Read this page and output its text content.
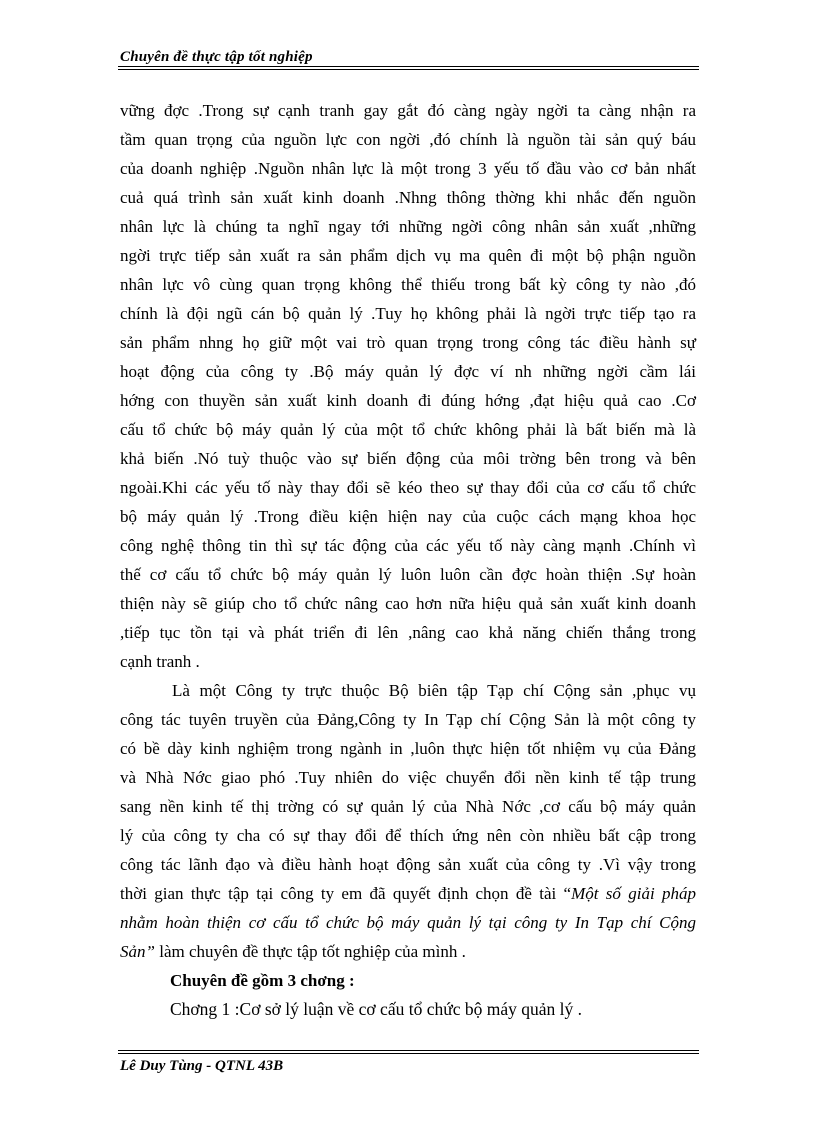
Chuyên đề thực tập tốt nghiệp
vững đợc .Trong sự cạnh tranh gay gắt đó càng ngày ngời ta càng nhận ra
tầm quan trọng của nguồn lực con ngời ,đó chính là nguồn tài sản quý báu
của doanh nghiệp .Nguồn nhân lực là một trong 3 yếu tố đầu vào cơ bản nhất
cuả quá trình sản xuất kinh doanh .Nhng thông thờng khi nhắc đến nguồn
nhân lực là chúng ta nghĩ ngay tới những ngời công nhân sản xuất ,những
ngời trực tiếp sản xuất ra sản phẩm dịch vụ ma quên đi một bộ phận nguồn
nhân lực vô cùng quan trọng không thể thiếu trong bất kỳ công ty nào ,đó
chính là đội ngũ cán bộ quản lý .Tuy họ không phải là ngời trực tiếp tạo ra
sản phẩm nhng họ giữ một vai trò quan trọng trong công tác điều hành sự
hoạt động của công ty .Bộ máy quản lý đợc ví nh những ngời cầm lái
hớng con thuyền sản xuất kinh doanh đi đúng hớng ,đạt hiệu quả cao .Cơ
cấu tổ chức bộ máy quản lý của một tổ chức không phải là bất biến mà là
khả biến .Nó tuỳ thuộc vào sự biến động của môi trờng bên trong và bên
ngoài.Khi các yếu tố này thay đổi sẽ kéo theo sự thay đổi của cơ cấu tổ chức
bộ máy quản lý .Trong điều kiện hiện nay của cuộc cách mạng khoa học
công nghệ thông tin thì sự tác động của các yếu tố này càng mạnh .Chính vì
thế cơ cấu tổ chức bộ máy quản lý luôn luôn cần đợc hoàn thiện .Sự hoàn
thiện này sẽ giúp cho tổ chức nâng cao hơn nữa hiệu quả sản xuất kinh doanh
,tiếp tục tồn tại và phát triển đi lên ,nâng cao khả năng chiến thắng trong
cạnh tranh .
Là một Công ty trực thuộc Bộ biên tập Tạp chí Cộng sản ,phục vụ
công tác tuyên truyền của Đảng,Công ty In Tạp chí Cộng Sản là một công ty
có bề dày kinh nghiệm trong ngành in ,luôn thực hiện tốt nhiệm vụ của Đảng
và Nhà Nớc giao phó .Tuy nhiên do việc chuyển đổi nền kinh tế tập trung
sang nền kinh tế thị trờng có sự quản lý của Nhà Nớc ,cơ cấu bộ máy quản
lý của công ty cha có sự thay đổi để thích ứng nên còn nhiều bất cập trong
công tác lãnh đạo và điều hành hoạt động sản xuất của công ty .Vì vậy trong
thời gian thực tập tại công ty em đã quyết định chọn đề tài “Một số giải pháp
nhằm hoàn thiện cơ cấu tổ chức bộ máy quản lý tại công ty In Tạp chí Cộng
Sản” làm chuyên đề thực tập tốt nghiệp của mình .
Chuyên đề gồm 3 chơng :
Chơng 1 :Cơ sở lý luận về cơ cấu tổ chức bộ máy quản lý .
Lê Duy Tùng - QTNL 43B
